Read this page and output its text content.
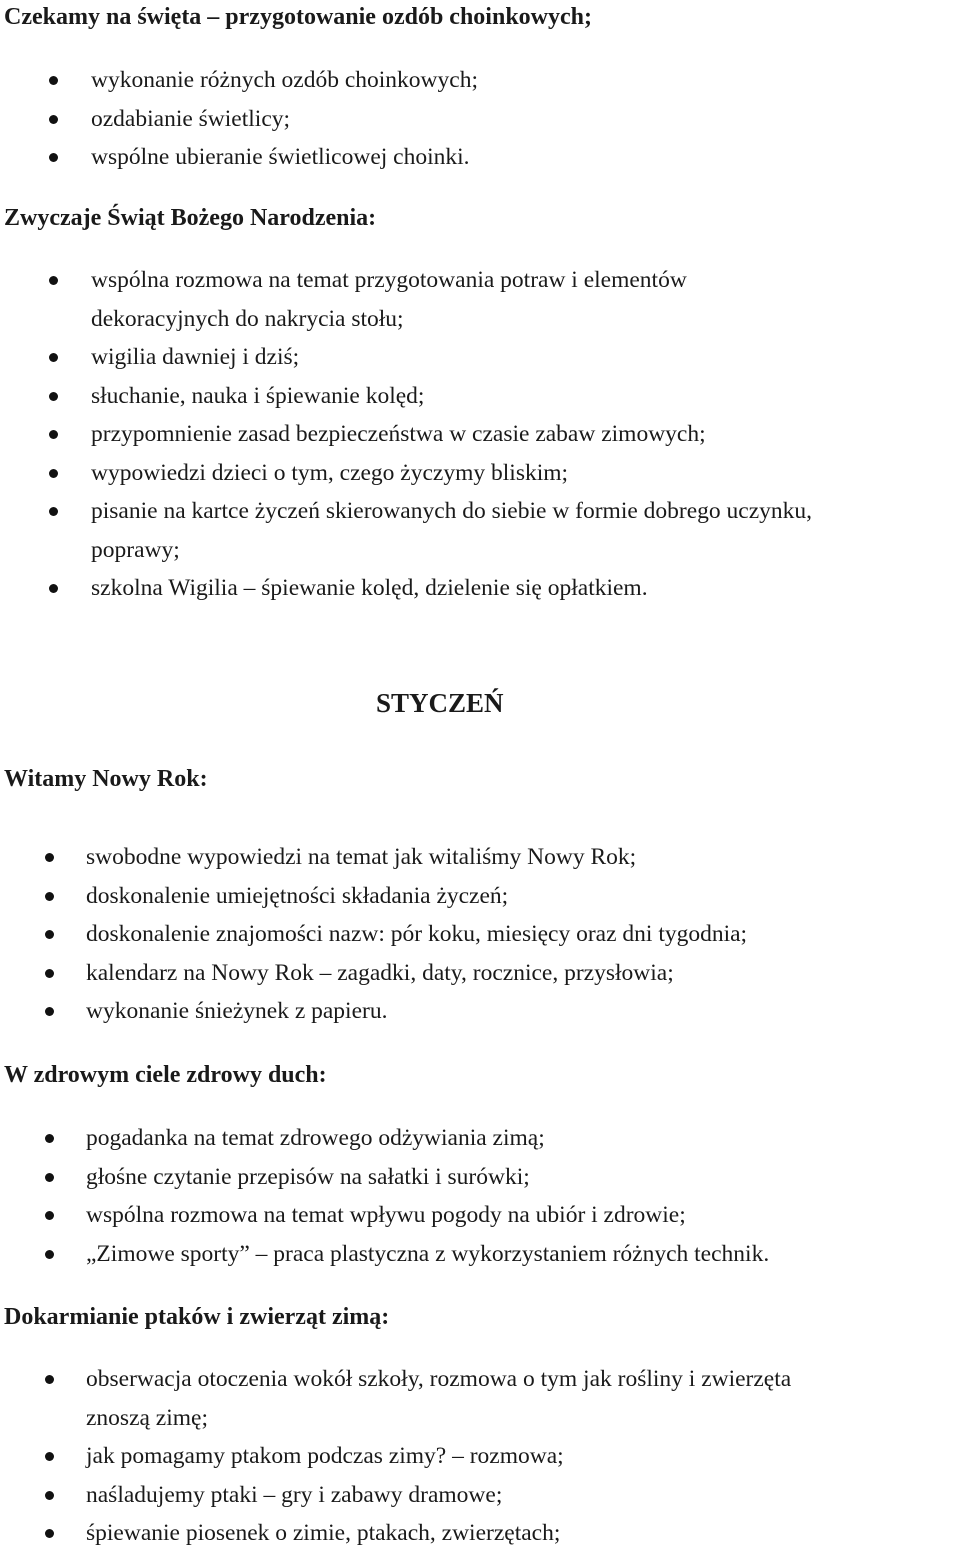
Czekamy na święta – przygotowanie ozdób choinkowych;
wykonanie różnych ozdób choinkowych;
ozdabianie świetlicy;
wspólne ubieranie świetlicowej choinki.
Zwyczaje Świąt Bożego Narodzenia:
wspólna rozmowa na temat przygotowania potraw i elementów
dekoracyjnych do nakrycia stołu;
wigilia dawniej i dziś;
słuchanie, nauka i śpiewanie kolęd;
przypomnienie zasad bezpieczeństwa w czasie zabaw zimowych;
wypowiedzi dzieci o tym, czego życzymy bliskim;
pisanie na kartce życzeń skierowanych do siebie w formie dobrego uczynku,
poprawy;
szkolna Wigilia – śpiewanie kolęd, dzielenie się opłatkiem.
STYCZEŃ
Witamy Nowy Rok:
swobodne wypowiedzi na temat jak witaliśmy Nowy Rok;
doskonalenie umiejętności składania życzeń;
doskonalenie znajomości nazw: pór koku, miesięcy oraz dni tygodnia;
kalendarz na Nowy Rok – zagadki, daty, rocznice, przysłowia;
wykonanie śnieżynek z papieru.
W zdrowym ciele zdrowy duch:
pogadanka na temat zdrowego odżywiania zimą;
głośne czytanie przepisów na sałatki i surówki;
wspólna rozmowa na temat wpływu pogody na ubiór i zdrowie;
„Zimowe sporty” – praca plastyczna z wykorzystaniem różnych technik.
Dokarmianie ptaków i zwierząt zimą:
obserwacja otoczenia wokół szkoły, rozmowa o tym jak rośliny i zwierzęta
znoszą zimę;
jak pomagamy ptakom podczas zimy? – rozmowa;
naśladujemy ptaki – gry i zabawy dramowe;
śpiewanie piosenek o zimie, ptakach, zwierzętach;
